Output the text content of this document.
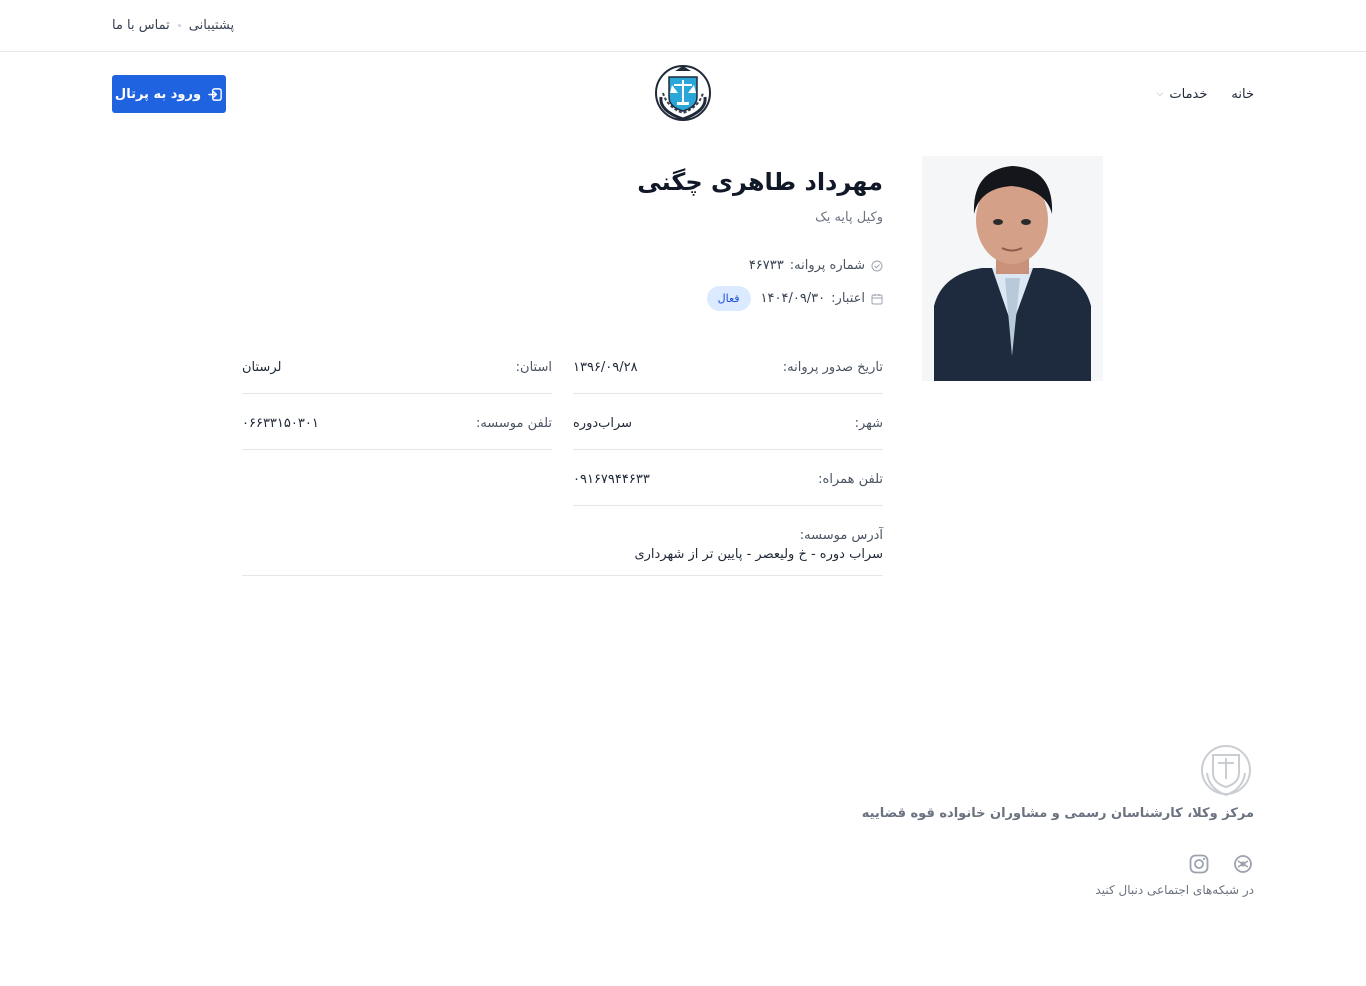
پشتیبانی
تماس با ما
خانه
خدمات
⌵
ورود به پرتال
مهرداد طاهری چگنی
وکیل پایه یک
شماره پروانه:
۴۶۷۳۳
اعتبار:
۱۴۰۴/۰۹/۳۰
فعال
تاریخ صدور پروانه:
۱۳۹۶/۰۹/۲۸
استان:
لرستان
شهر:
سراب‌دوره
تلفن موسسه:
۰۶۶۳۳۱۵۰۳۰۱
تلفن همراه:
۰۹۱۶۷۹۴۴۶۳۳
آدرس موسسه:
سراب دوره - خ ولیعصر - پایین تر از شهرداری
مرکز وکلا، کارشناسان رسمی و مشاوران خانواده قوه قضاییه
در شبکه‌های اجتماعی دنبال کنید
